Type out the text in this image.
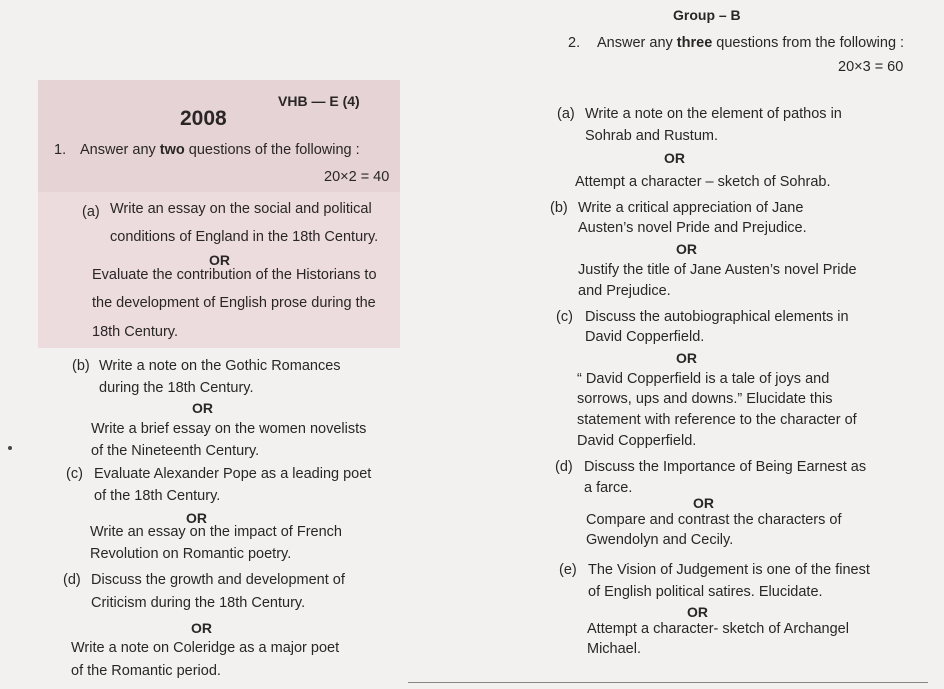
2008
VHB — E (4)
1. Answer any two questions of the following :
20×2 = 40
(a) Write an essay on the social and political
conditions of England in the 18th Century.
OR
Evaluate the contribution of the Historians to
the development of English prose during the
18th Century.
(b) Write a note on the Gothic Romances
during the 18th Century.
OR
Write a brief essay on the women novelists
of the Nineteenth Century.
(c) Evaluate Alexander Pope as a leading poet
of the 18th Century.
OR
Write an essay on the impact of French
Revolution on Romantic poetry.
(d) Discuss the growth and development of
Criticism during the 18th Century.
OR
Write a note on Coleridge as a major poet
of the Romantic period.
Group – B
2. Answer any three questions from the following :
20×3 = 60
(a) Write a note on the element of pathos in
Sohrab and Rustum.
OR
Attempt a character – sketch of Sohrab.
(b) Write a critical appreciation of Jane
Austen’s novel Pride and Prejudice.
OR
Justify the title of Jane Austen’s novel Pride
and Prejudice.
(c) Discuss the autobiographical elements in
David Copperfield.
OR
“ David Copperfield is a tale of joys and
sorrows, ups and downs.” Elucidate this
statement with reference to the character of
David Copperfield.
(d) Discuss the Importance of Being Earnest as
a farce.
OR
Compare and contrast the characters of
Gwendolyn and Cecily.
(e) The Vision of Judgement is one of the finest
of English political satires. Elucidate.
OR
Attempt a character- sketch of Archangel
Michael.
